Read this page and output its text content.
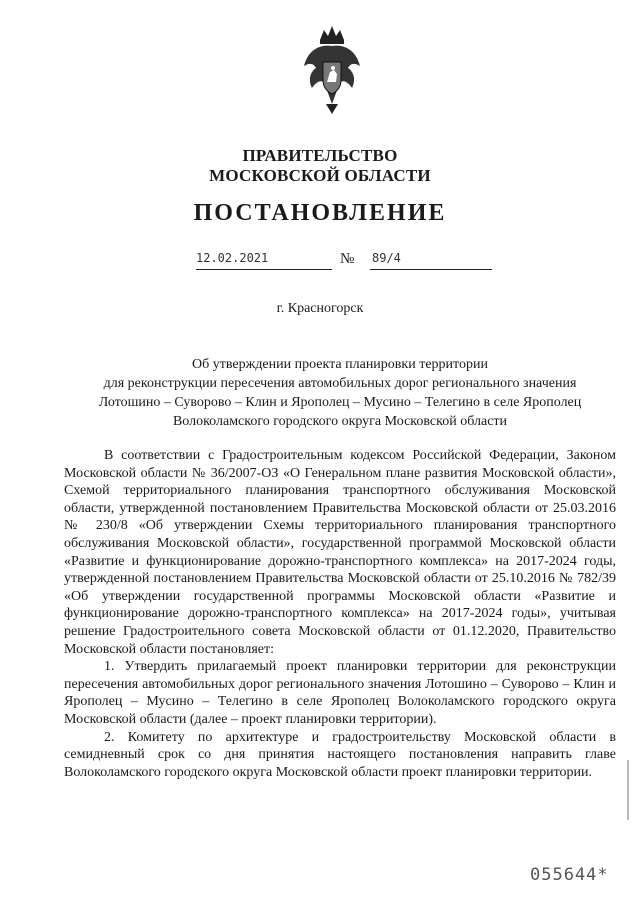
ПРАВИТЕЛЬСТВО
МОСКОВСКОЙ ОБЛАСТИ
ПОСТАНОВЛЕНИЕ
12.02.2021	№	89/4
г. Красногорск
Об утверждении проекта планировки территории
для реконструкции пересечения автомобильных дорог регионального значения
Лотошино – Суворово – Клин и Ярополец – Мусино – Телегино в селе Ярополец
Волоколамского городского округа Московской области

В соответствии с Градостроительным кодексом Российской Федерации, Законом Московской области № 36/2007-ОЗ «О Генеральном плане развития Московской области», Схемой территориального планирования транспортного обслуживания Московской области, утвержденной постановлением Правительства Московской области от 25.03.2016 № 230/8 «Об утверждении Схемы территориального планирования транспортного обслуживания Московской области», государственной программой Московской области «Развитие и функционирование дорожно-транспортного комплекса» на 2017-2024 годы, утвержденной постановлением Правительства Московской области от 25.10.2016 № 782/39 «Об утверждении государственной программы Московской области «Развитие и функционирование дорожно-транспортного комплекса» на 2017-2024 годы», учитывая решение Градостроительного совета Московской области от 01.12.2020, Правительство Московской области постановляет:

1. Утвердить прилагаемый проект планировки территории для реконструкции пересечения автомобильных дорог регионального значения Лотошино – Суворово – Клин и Ярополец – Мусино – Телегино в селе Ярополец Волоколамского городского округа Московской области (далее – проект планировки территории).

2. Комитету по архитектуре и градостроительству Московской области в семидневный срок со дня принятия настоящего постановления направить главе Волоколамского городского округа Московской области проект планировки территории.

055644*
